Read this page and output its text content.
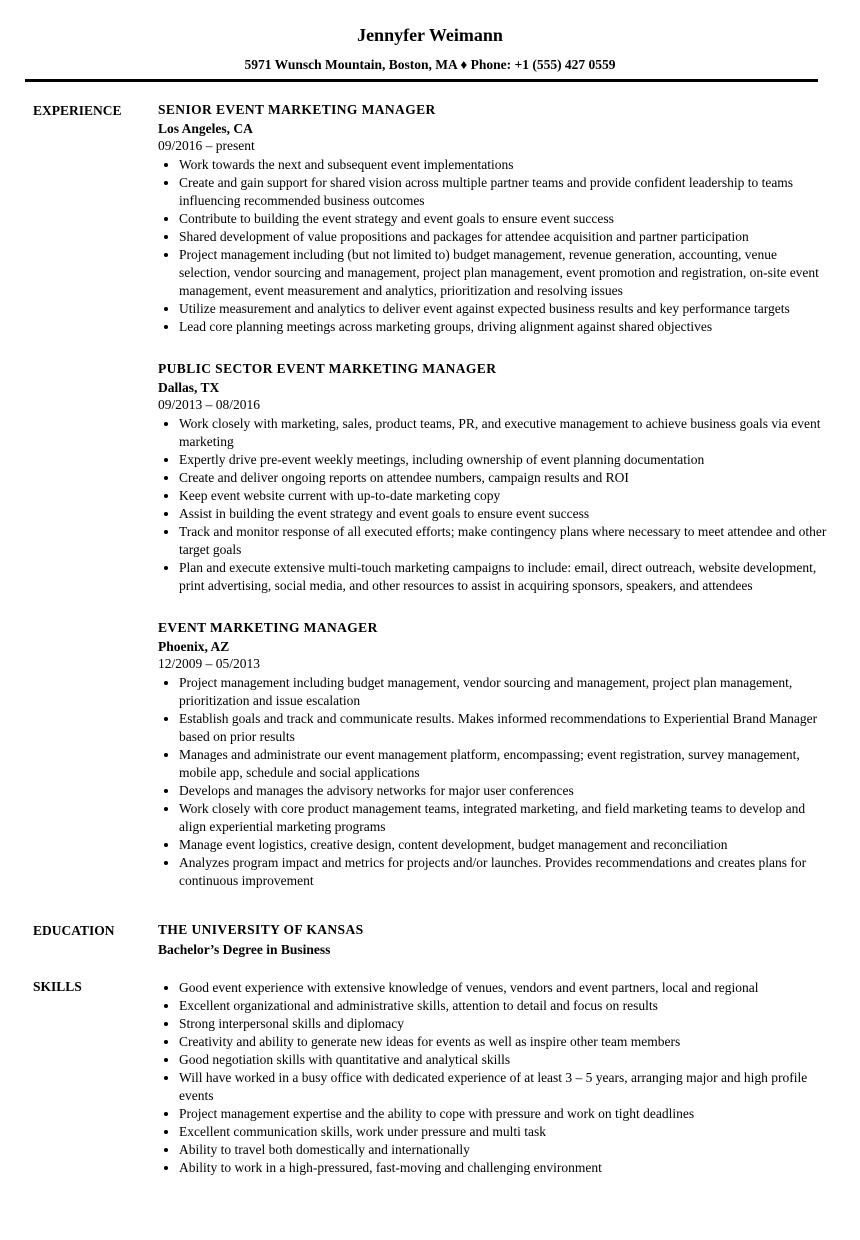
Jennyfer Weimann
5971 Wunsch Mountain, Boston, MA ♦ Phone: +1 (555) 427 0559
EXPERIENCE	SENIOR EVENT MARKETING MANAGER
Los Angeles, CA
09/2016 – present
• Work towards the next and subsequent event implementations
• Create and gain support for shared vision across multiple partner teams and provide confident leadership to teams influencing recommended business outcomes
• Contribute to building the event strategy and event goals to ensure event success
• Shared development of value propositions and packages for attendee acquisition and partner participation
• Project management including (but not limited to) budget management, revenue generation, accounting, venue selection, vendor sourcing and management, project plan management, event promotion and registration, on-site event management, event measurement and analytics, prioritization and resolving issues
• Utilize measurement and analytics to deliver event against expected business results and key performance targets
• Lead core planning meetings across marketing groups, driving alignment against shared objectives
PUBLIC SECTOR EVENT MARKETING MANAGER
Dallas, TX
09/2013 – 08/2016
• Work closely with marketing, sales, product teams, PR, and executive management to achieve business goals via event marketing
• Expertly drive pre-event weekly meetings, including ownership of event planning documentation
• Create and deliver ongoing reports on attendee numbers, campaign results and ROI
• Keep event website current with up-to-date marketing copy
• Assist in building the event strategy and event goals to ensure event success
• Track and monitor response of all executed efforts; make contingency plans where necessary to meet attendee and other target goals
• Plan and execute extensive multi-touch marketing campaigns to include: email, direct outreach, website development, print advertising, social media, and other resources to assist in acquiring sponsors, speakers, and attendees
EVENT MARKETING MANAGER
Phoenix, AZ
12/2009 – 05/2013
• Project management including budget management, vendor sourcing and management, project plan management, prioritization and issue escalation
• Establish goals and track and communicate results. Makes informed recommendations to Experiential Brand Manager based on prior results
• Manages and administrate our event management platform, encompassing; event registration, survey management, mobile app, schedule and social applications
• Develops and manages the advisory networks for major user conferences
• Work closely with core product management teams, integrated marketing, and field marketing teams to develop and align experiential marketing programs
• Manage event logistics, creative design, content development, budget management and reconciliation
• Analyzes program impact and metrics for projects and/or launches. Provides recommendations and creates plans for continuous improvement
EDUCATION	THE UNIVERSITY OF KANSAS
Bachelor’s Degree in Business
SKILLS	• Good event experience with extensive knowledge of venues, vendors and event partners, local and regional
• Excellent organizational and administrative skills, attention to detail and focus on results
• Strong interpersonal skills and diplomacy
• Creativity and ability to generate new ideas for events as well as inspire other team members
• Good negotiation skills with quantitative and analytical skills
• Will have worked in a busy office with dedicated experience of at least 3 – 5 years, arranging major and high profile events
• Project management expertise and the ability to cope with pressure and work on tight deadlines
• Excellent communication skills, work under pressure and multi task
• Ability to travel both domestically and internationally
• Ability to work in a high-pressured, fast-moving and challenging environment
